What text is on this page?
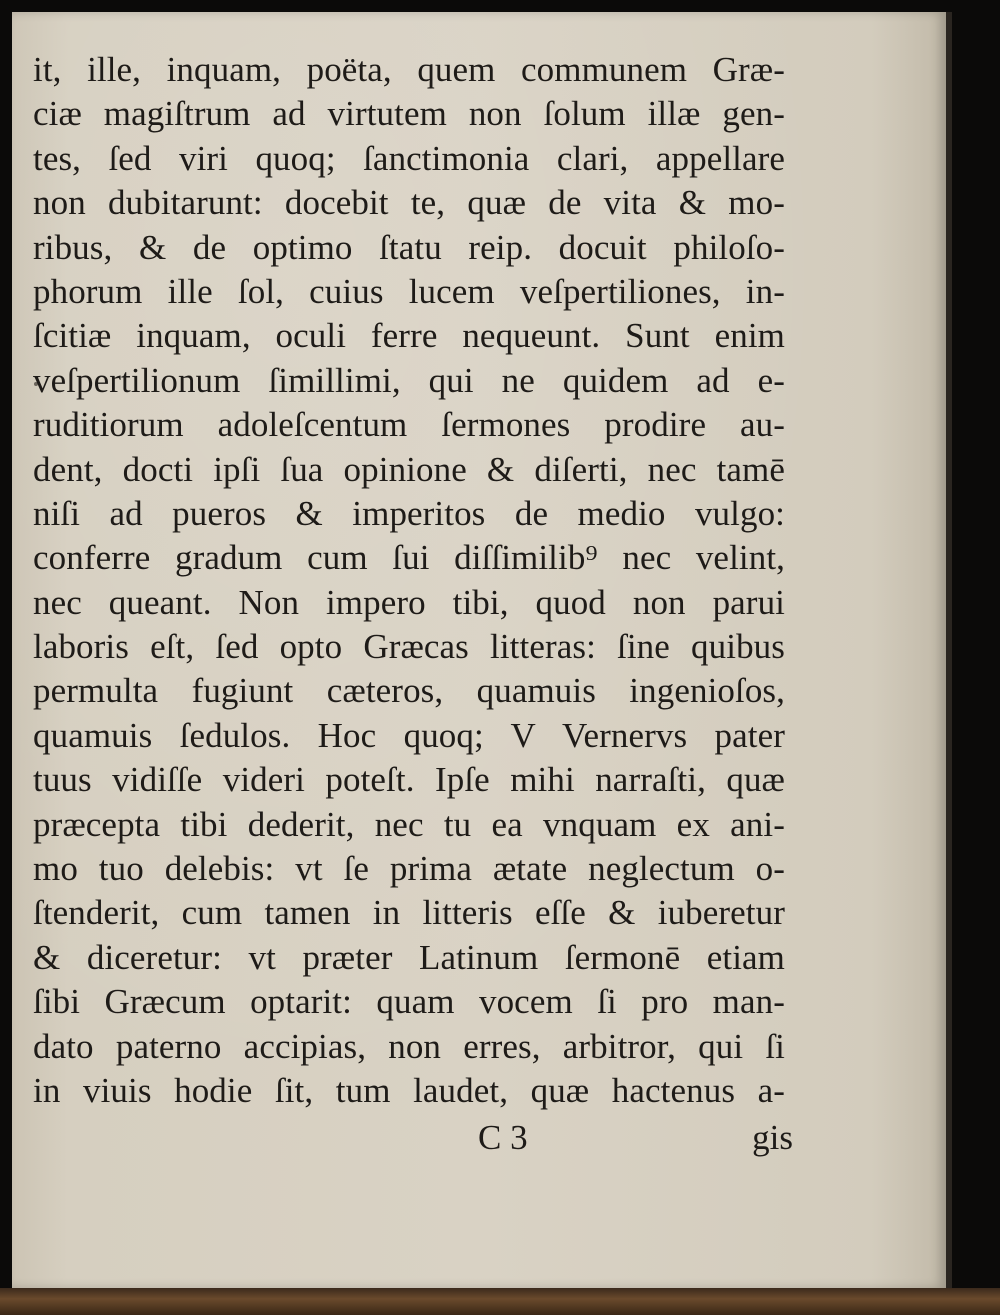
it, ille, inquam, poëta, quem communem Græ-
ciæ magiſtrum ad virtutem non ſolum illæ gen-
tes, ſed viri quoq; ſanctimonia clari, appellare
non dubitarunt: docebit te, quæ de vita & mo-
ribus, & de optimo ſtatu reip. docuit philoſo-
phorum ille ſol, cuius lucem veſpertiliones, in-
ſcitiæ inquam, oculi ferre nequeunt. Sunt enim
veſpertilionum ſimillimi, qui ne quidem ad e-
ruditiorum adoleſcentum ſermones prodire au-
dent, docti ipſi ſua opinione & diſerti, nec tamē
niſi ad pueros & imperitos de medio vulgo:
conferre gradum cum ſui diſſimilib⁹ nec velint,
nec queant. Non impero tibi, quod non parui
laboris eſt, ſed opto Græcas litteras: ſine quibus
permulta fugiunt cæteros, quamuis ingenioſos,
quamuis ſedulos. Hoc quoq; V Vernervs pater
tuus vidiſſe videri poteſt. Ipſe mihi narraſti, quæ
præcepta tibi dederit, nec tu ea vnquam ex ani-
mo tuo delebis: vt ſe prima ætate neglectum o-
ſtenderit, cum tamen in litteris eſſe & iuberetur
& diceretur: vt præter Latinum ſermonē etiam
ſibi Græcum optarit: quam vocem ſi pro man-
dato paterno accipias, non erres, arbitror, qui ſi
in viuis hodie ſit, tum laudet, quæ hactenus a-
C 3	gis
